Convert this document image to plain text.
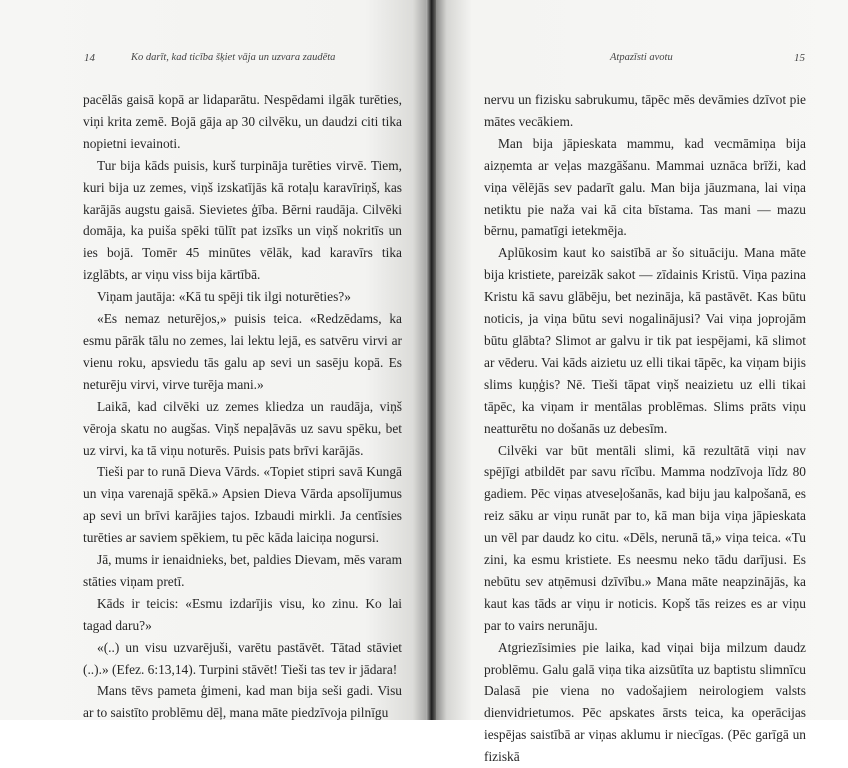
14	Ko darīt, kad ticība šķiet vāja un uzvara zaudēta

pacēlās gaisā kopā ar lidaparātu. Nespēdami ilgāk turēties, viņi krita zemē. Bojā gāja ap 30 cilvēku, un daudzi citi tika nopietni ievainoti.

Tur bija kāds puisis, kurš turpināja turēties virvē. Tiem, kuri bija uz zemes, viņš izskatījās kā rotaļu karavīriņš, kas karājās augstu gaisā. Sievietes ģība. Bērni raudāja. Cilvēki domāja, ka puiša spēki tūlīt pat izsīks un viņš nokritīs un ies bojā. Tomēr 45 minūtes vēlāk, kad karavīrs tika izglābts, ar viņu viss bija kārtībā.

Viņam jautāja: «Kā tu spēji tik ilgi noturēties?»

«Es nemaz neturējos,» puisis teica. «Redzēdams, ka esmu pārāk tālu no zemes, lai lektu lejā, es satvēru virvi ar vienu roku, apsviedu tās galu ap sevi un sasēju kopā. Es neturēju virvi, virve turēja mani.»

Laikā, kad cilvēki uz zemes kliedza un raudāja, viņš vēroja skatu no augšas. Viņš nepaļāvās uz savu spēku, bet uz virvi, ka tā viņu noturēs. Puisis pats brīvi karājās.

Tieši par to runā Dieva Vārds. «Topiet stipri savā Kungā un viņa varenajā spēkā.» Apsien Dieva Vārda apsolījumus ap sevi un brīvi karājies tajos. Izbaudi mirkli. Ja centīsies turēties ar saviem spēkiem, tu pēc kāda laiciņa nogursi.

Jā, mums ir ienaidnieks, bet, paldies Dievam, mēs varam stāties viņam pretī.

Kāds ir teicis: «Esmu izdarījis visu, ko zinu. Ko lai tagad daru?»

«(..) un visu uzvarējuši, varētu pastāvēt. Tātad stāviet (..).» (Efez. 6:13,14). Turpini stāvēt! Tieši tas tev ir jādara!

Mans tēvs pameta ģimeni, kad man bija seši gadi. Visu ar to saistīto problēmu dēļ, mana māte piedzīvoja pilnīgu

Atpazīsti avotu	15

nervu un fizisku sabrukumu, tāpēc mēs devāmies dzīvot pie mātes vecākiem.

Man bija jāpieskata mammu, kad vecmāmiņa bija aizņemta ar veļas mazgāšanu. Mammai uznāca brīži, kad viņa vēlējās sev padarīt galu. Man bija jāuzmana, lai viņa netiktu pie naža vai kā cita bīstama. Tas mani — mazu bērnu, pamatīgi ietekmēja.

Aplūkosim kaut ko saistībā ar šo situāciju. Mana māte bija kristiete, pareizāk sakot — zīdainis Kristū. Viņa pazina Kristu kā savu glābēju, bet nezināja, kā pastāvēt. Kas būtu noticis, ja viņa būtu sevi nogalinājusi? Vai viņa joprojām būtu glābta? Slimot ar galvu ir tik pat iespējami, kā slimot ar vēderu. Vai kāds aizietu uz elli tikai tāpēc, ka viņam bijis slims kuņģis? Nē. Tieši tāpat viņš neaizietu uz elli tikai tāpēc, ka viņam ir mentālas problēmas. Slims prāts viņu neatturētu no došanās uz debesīm.

Cilvēki var būt mentāli slimi, kā rezultātā viņi nav spējīgi atbildēt par savu rīcību. Mamma nodzīvoja līdz 80 gadiem. Pēc viņas atveseļošanās, kad biju jau kalpošanā, es reiz sāku ar viņu runāt par to, kā man bija viņa jāpieskata un vēl par daudz ko citu. «Dēls, nerunā tā,» viņa teica. «Tu zini, ka esmu kristiete. Es neesmu neko tādu darījusi. Es nebūtu sev atņēmusi dzīvību.» Mana māte neapzinājās, ka kaut kas tāds ar viņu ir noticis. Kopš tās reizes es ar viņu par to vairs nerunāju.

Atgriezīsimies pie laika, kad viņai bija milzum daudz problēmu. Galu galā viņa tika aizsūtīta uz baptistu slimnīcu Dalasā pie viena no vadošajiem neirologiem valsts dienvidrietumos. Pēc apskates ārsts teica, ka operācijas iespējas saistībā ar viņas aklumu ir niecīgas. (Pēc garīgā un fiziskā
